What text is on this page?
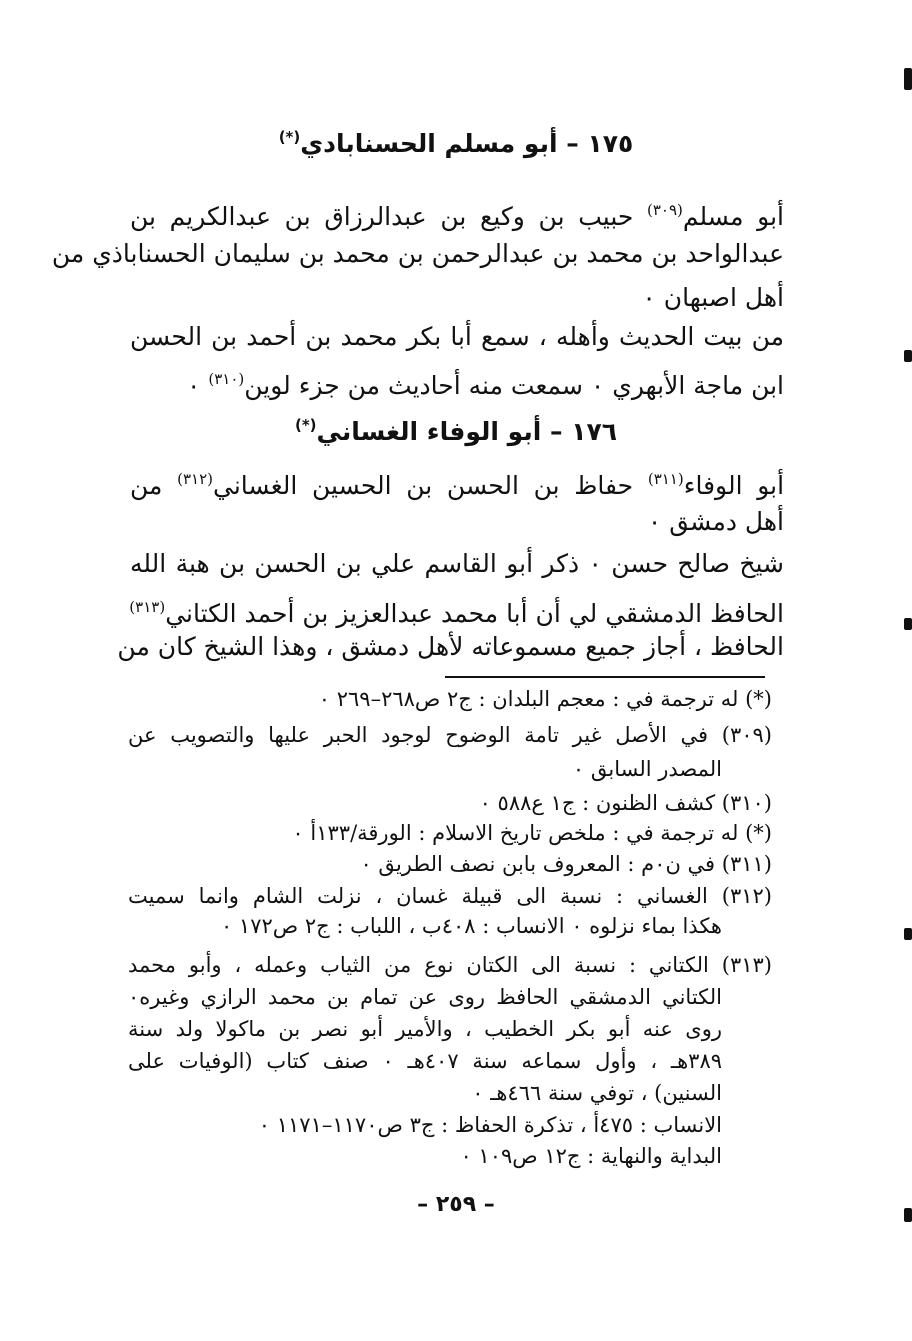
١٧٥ – أبو مسلم الحسنابادي(*)
أبو مسلم$^{(٣٠٩)}$ حبيب بن وكيع بن عبدالرزاق بن عبدالكريم بن
عبدالواحد بن محمد بن عبدالرحمن بن محمد بن سليمان الحسناباذي من
أهل اصبهان ٠
من بيت الحديث وأهله ، سمع أبا بكر محمد بن أحمد بن الحسن
ابن ماجة الأبهري ٠ سمعت منه أحاديث من جزء لوين$^{(٣١٠)}$ ٠
١٧٦ – أبو الوفاء الغساني(*)
أبو الوفاء$^{(٣١١)}$ حفاظ بن الحسن بن الحسين الغساني$^{(٣١٢)}$ من
أهل دمشق ٠
شيخ صالح حسن ٠ ذكر أبو القاسم علي بن الحسن بن هبة الله
الحافظ الدمشقي لي أن أبا محمد عبدالعزيز بن أحمد الكتاني$^{(٣١٣)}$
الحافظ ، أجاز جميع مسموعاته لأهل دمشق ، وهذا الشيخ كان من
(*) له ترجمة في : معجم البلدان : ج٢ ص٢٦٨–٢٦٩ ٠
(٣٠٩) في الأصل غير تامة الوضوح لوجود الحبر عليها والتصويب عن
المصدر السابق ٠
(٣١٠) كشف الظنون : ج١ ع٥٨٨ ٠
(*) له ترجمة في : ملخص تاريخ الاسلام : الورقة/١٣٣أ ٠
(٣١١) في ن٠م : المعروف بابن نصف الطريق ٠
(٣١٢) الغساني : نسبة الى قبيلة غسان ، نزلت الشام وانما سميت
هكذا بماء نزلوه ٠ الانساب : ٤٠٨ب ، اللباب : ج٢ ص١٧٢ ٠
(٣١٣) الكتاني : نسبة الى الكتان نوع من الثياب وعمله ، وأبو محمد
الكتاني الدمشقي الحافظ روى عن تمام بن محمد الرازي وغيره٠
روى عنه أبو بكر الخطيب ، والأمير أبو نصر بن ماكولا ولد سنة
٣٨٩هـ ، وأول سماعه سنة ٤٠٧هـ ٠ صنف كتاب (الوفيات على
السنين) ، توفي سنة ٤٦٦هـ ٠
الانساب : ٤٧٥أ ، تذكرة الحفاظ : ج٣ ص١١٧٠–١١٧١ ٠
البداية والنهاية : ج١٢ ص١٠٩ ٠
– ٢٥٩ –
